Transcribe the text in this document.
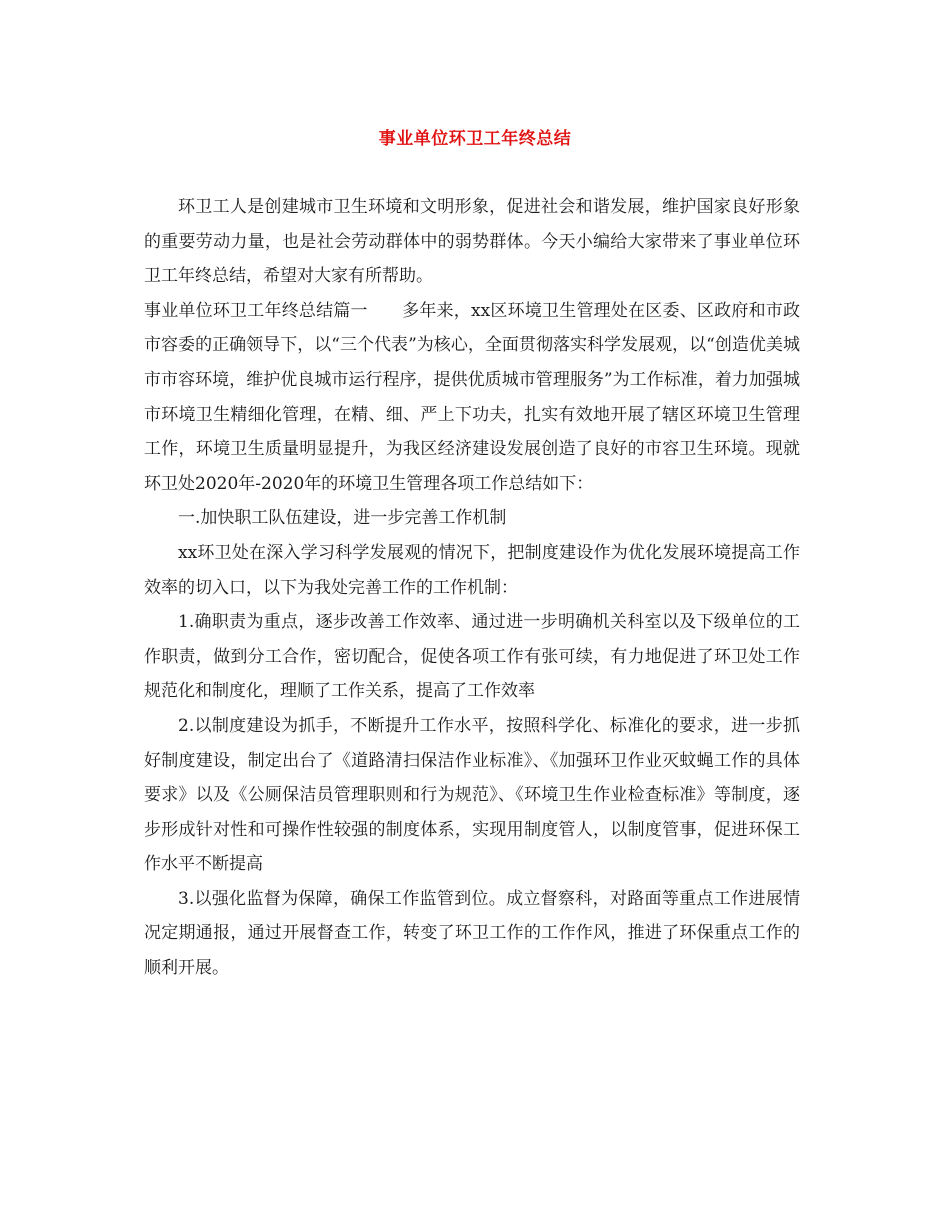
事业单位环卫工年终总结

环卫工人是创建城市卫生环境和文明形象，促进社会和谐发展，维护国家良好形象的重要劳动力量，也是社会劳动群体中的弱势群体。今天小编给大家带来了事业单位环卫工年终总结，希望对大家有所帮助。

事业单位环卫工年终总结篇一　　多年来，xx区环境卫生管理处在区委、区政府和市政市容委的正确领导下，以“三个代表”为核心，全面贯彻落实科学发展观，以“创造优美城市市容环境，维护优良城市运行程序，提供优质城市管理服务”为工作标准，着力加强城市环境卫生精细化管理，在精、细、严上下功夫，扎实有效地开展了辖区环境卫生管理工作，环境卫生质量明显提升，为我区经济建设发展创造了良好的市容卫生环境。现就环卫处2020年-2020年的环境卫生管理各项工作总结如下：

一.加快职工队伍建设，进一步完善工作机制

xx环卫处在深入学习科学发展观的情况下，把制度建设作为优化发展环境提高工作效率的切入口，以下为我处完善工作的工作机制：

1.确职责为重点，逐步改善工作效率、通过进一步明确机关科室以及下级单位的工作职责，做到分工合作，密切配合，促使各项工作有张可续，有力地促进了环卫处工作规范化和制度化，理顺了工作关系，提高了工作效率

2.以制度建设为抓手，不断提升工作水平，按照科学化、标准化的要求，进一步抓好制度建设，制定出台了《道路清扫保洁作业标准》、《加强环卫作业灭蚊蝇工作的具体要求》以及《公厕保洁员管理职则和行为规范》、《环境卫生作业检查标准》等制度，逐步形成针对性和可操作性较强的制度体系，实现用制度管人，以制度管事，促进环保工作水平不断提高

3.以强化监督为保障，确保工作监管到位。成立督察科，对路面等重点工作进展情况定期通报，通过开展督查工作，转变了环卫工作的工作作风，推进了环保重点工作的顺利开展。
